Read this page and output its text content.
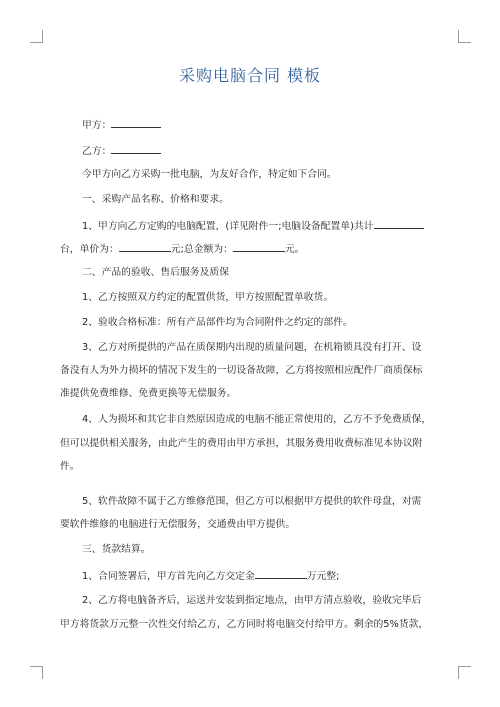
采购电脑合同 模板
甲方：
乙方：
今甲方向乙方采购一批电脑，为友好合作，特定如下合同。
一、采购产品名称、价格和要求。
1、甲方向乙方定购的电脑配置，(详见附件一;电脑设备配置单)共计
台，单价为：	元;总金额为：	元。
二、产品的验收、售后服务及质保
1、乙方按照双方约定的配置供货，甲方按照配置单收货。
2、验收合格标准：所有产品部件均为合同附件之约定的部件。
3、乙方对所提供的产品在质保期内出现的质量问题，在机箱锁具没有打开、设
备没有人为外力损坏的情况下发生的一切设备故障，乙方将按照相应配件厂商质保标
准提供免费维修、免费更换等无偿服务。
4、人为损坏和其它非自然原因造成的电脑不能正常使用的，乙方不予免费质保，
但可以提供相关服务，由此产生的费用由甲方承担，其服务费用收费标准见本协议附
件。
5、软件故障不属于乙方维修范围，但乙方可以根据甲方提供的软件母盘，对需
要软件维修的电脑进行无偿服务，交通费由甲方提供。
三、货款结算。
1、合同签署后，甲方首先向乙方交定金	万元整;
2、乙方将电脑备齐后，运送并安装到指定地点，由甲方清点验收，验收完毕后
甲方将货款万元整一次性交付给乙方，乙方同时将电脑交付给甲方。剩余的5%货款，
